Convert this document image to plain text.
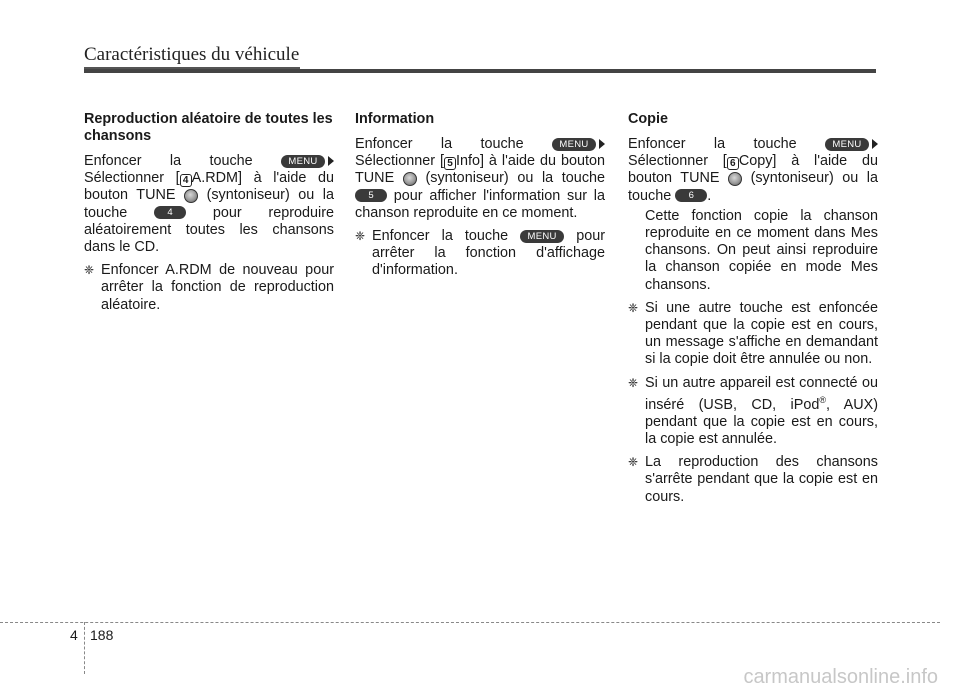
Caractéristiques du véhicule
Reproduction aléatoire de toutes les chansons

Enfoncer la touche	MENU
Sélectionner [ 4 A.RDM] à l'aide du bouton TUNE (syntoniseur) ou la touche	4	pour reproduire aléatoirement toutes les chansons dans le CD.

❈ Enfoncer A.RDM de nouveau pour arrêter la fonction de reproduction aléatoire.
Information

Enfoncer la touche	MENU
Sélectionner [ 5 Info] à l'aide du bouton TUNE (syntoniseur) ou la touche 5 pour afficher l'information sur la chanson reproduite en ce moment.

❈ Enfoncer la touche MENU pour arrêter la fonction d'affichage d'information.
Copie

Enfoncer la touche	MENU
Sélectionner [ 6 Copy] à l'aide du bouton TUNE (syntoniseur) ou la touche 6 .

Cette fonction copie la chanson reproduite en ce moment dans Mes chansons. On peut ainsi reproduire la chanson copiée en mode Mes chansons.
❈ Si une autre touche est enfoncée pendant que la copie est en cours, un message s'affiche en demandant si la copie doit être annulée ou non.
❈ Si un autre appareil est connecté ou inséré (USB, CD, iPod®, AUX) pendant que la copie est en cours, la copie est annulée.
❈ La reproduction des chansons s'arrête pendant que la copie est en cours.
4 188
carmanualsonline.info
